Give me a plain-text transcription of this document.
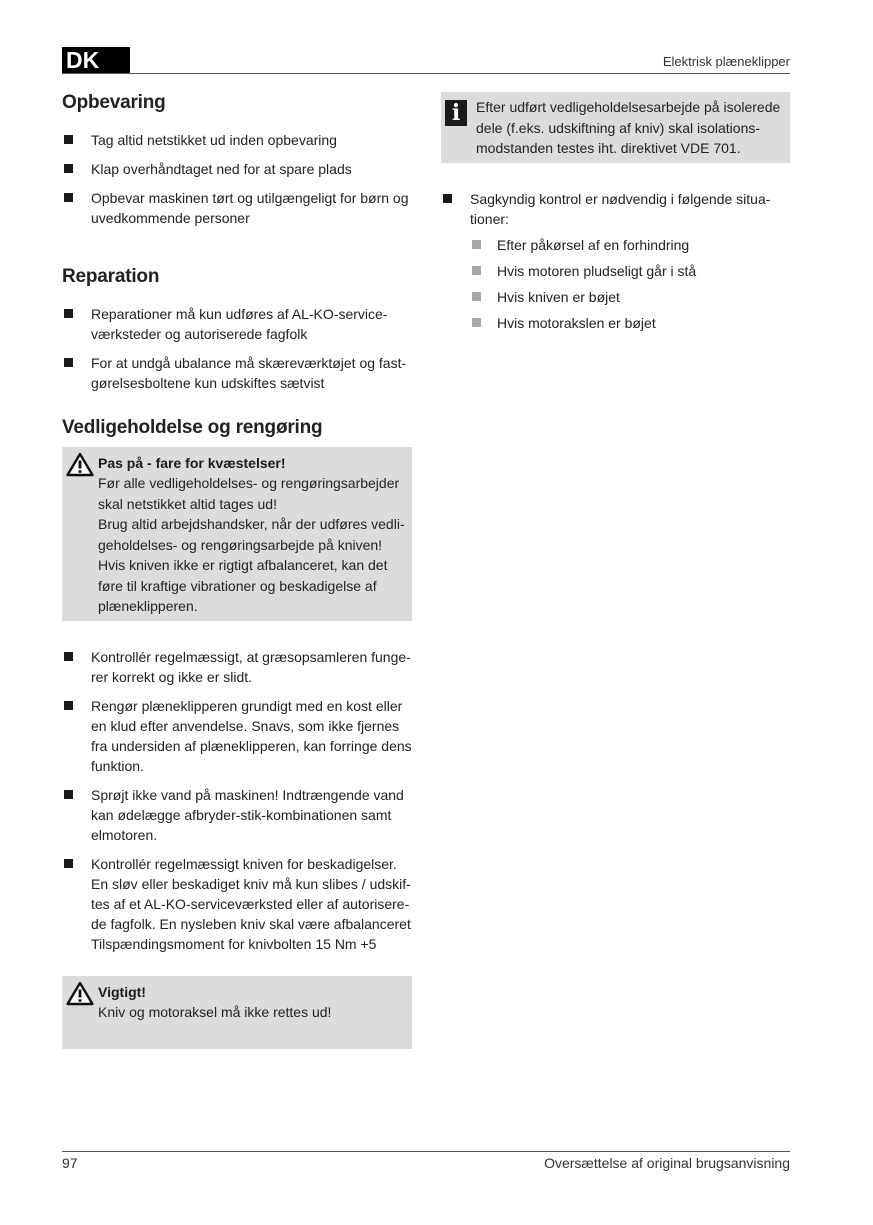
DK	Elektrisk plæneklipper
Opbevaring
Tag altid netstikket ud inden opbevaring
Klap overhåndtaget ned for at spare plads
Opbevar maskinen tørt og utilgængeligt for børn og uvedkommende personer
Reparation
Reparationer må kun udføres af AL-KO-service-værksteder og autoriserede fagfolk
For at undgå ubalance må skæreværktøjet og fast-gørelsesboltene kun udskiftes sætvist
Vedligeholdelse og rengøring
Pas på - fare for kvæstelser!
Før alle vedligeholdelses- og rengøringsarbejder skal netstikket altid tages ud!
Brug altid arbejdshandsker, når der udføres vedli-geholdelses- og rengøringsarbejde på kniven!
Hvis kniven ikke er rigtigt afbalanceret, kan det føre til kraftige vibrationer og beskadigelse af plæneklipperen.
Kontrollér regelmæssigt, at græsopsamleren funge-rer korrekt og ikke er slidt.
Rengør plæneklipperen grundigt med en kost eller en klud efter anvendelse. Snavs, som ikke fjernes fra undersiden af plæneklipperen, kan forringe dens funktion.
Sprøjt ikke vand på maskinen! Indtrængende vand kan ødelægge afbryder-stik-kombinationen samt elmotoren.
Kontrollér regelmæssigt kniven for beskadigelser. En sløv eller beskadiget kniv må kun slibes / udskif-tes af et AL-KO-serviceværksted eller af autorisere-de fagfolk. En nysleben kniv skal være afbalanceret Tilspændingsmoment for knivbolten 15 Nm +5
Vigtigt!
Kniv og motoraksel må ikke rettes ud!
i	Efter udført vedligeholdelsesarbejde på isolerede dele (f.eks. udskiftning af kniv) skal isolations-modstanden testes iht. direktivet VDE 701.
Sagkyndig kontrol er nødvendig i følgende situa-tioner:
Efter påkørsel af en forhindring
Hvis motoren pludseligt går i stå
Hvis kniven er bøjet
Hvis motorakslen er bøjet
97	Oversættelse af original brugsanvisning
